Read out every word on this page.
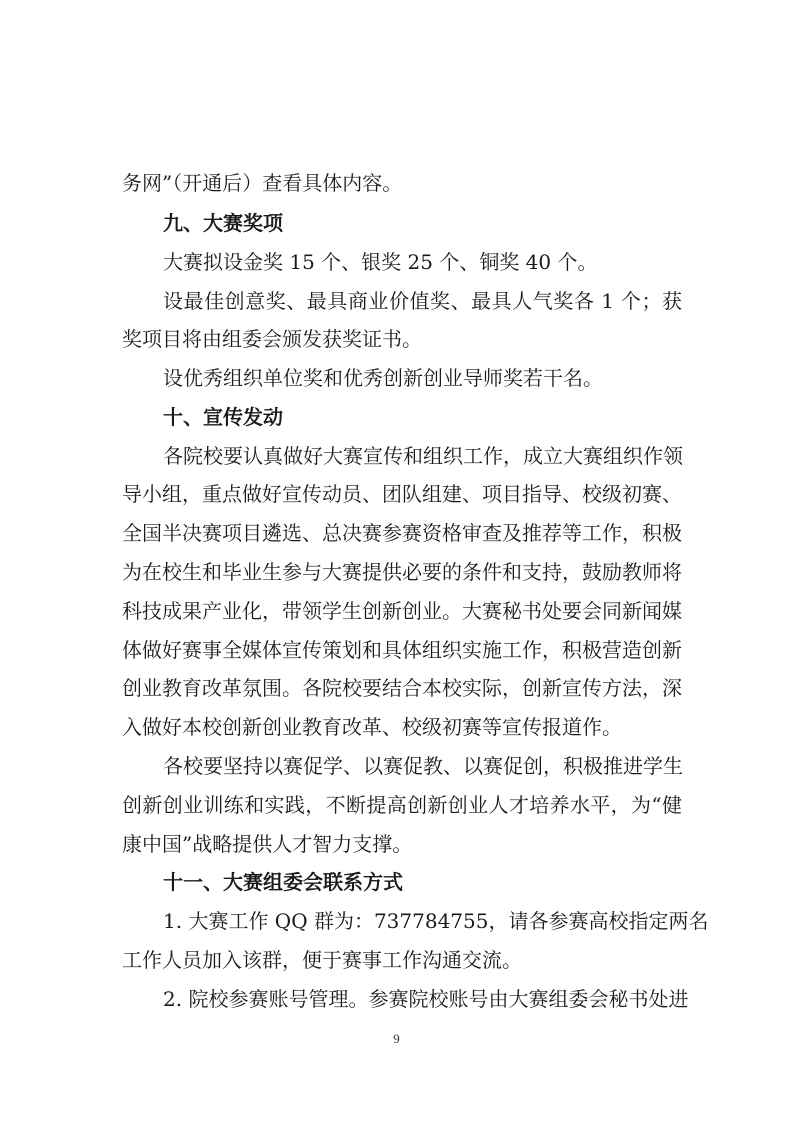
务网”（开通后）查看具体内容。
九、大赛奖项
大赛拟设金奖 15 个、银奖 25 个、铜奖 40 个。
设最佳创意奖、最具商业价值奖、最具人气奖各 1 个；获
奖项目将由组委会颁发获奖证书。
设优秀组织单位奖和优秀创新创业导师奖若干名。
十、宣传发动
各院校要认真做好大赛宣传和组织工作，成立大赛组织作领
导小组，重点做好宣传动员、团队组建、项目指导、校级初赛、
全国半决赛项目遴选、总决赛参赛资格审查及推荐等工作，积极
为在校生和毕业生参与大赛提供必要的条件和支持，鼓励教师将
科技成果产业化，带领学生创新创业。大赛秘书处要会同新闻媒
体做好赛事全媒体宣传策划和具体组织实施工作，积极营造创新
创业教育改革氛围。各院校要结合本校实际，创新宣传方法，深
入做好本校创新创业教育改革、校级初赛等宣传报道作。
各校要坚持以赛促学、以赛促教、以赛促创，积极推进学生
创新创业训练和实践，不断提高创新创业人才培养水平，为“健
康中国”战略提供人才智力支撑。
十一、大赛组委会联系方式
1. 大赛工作 QQ 群为：737784755，请各参赛高校指定两名
工作人员加入该群，便于赛事工作沟通交流。
2. 院校参赛账号管理。参赛院校账号由大赛组委会秘书处进
9
